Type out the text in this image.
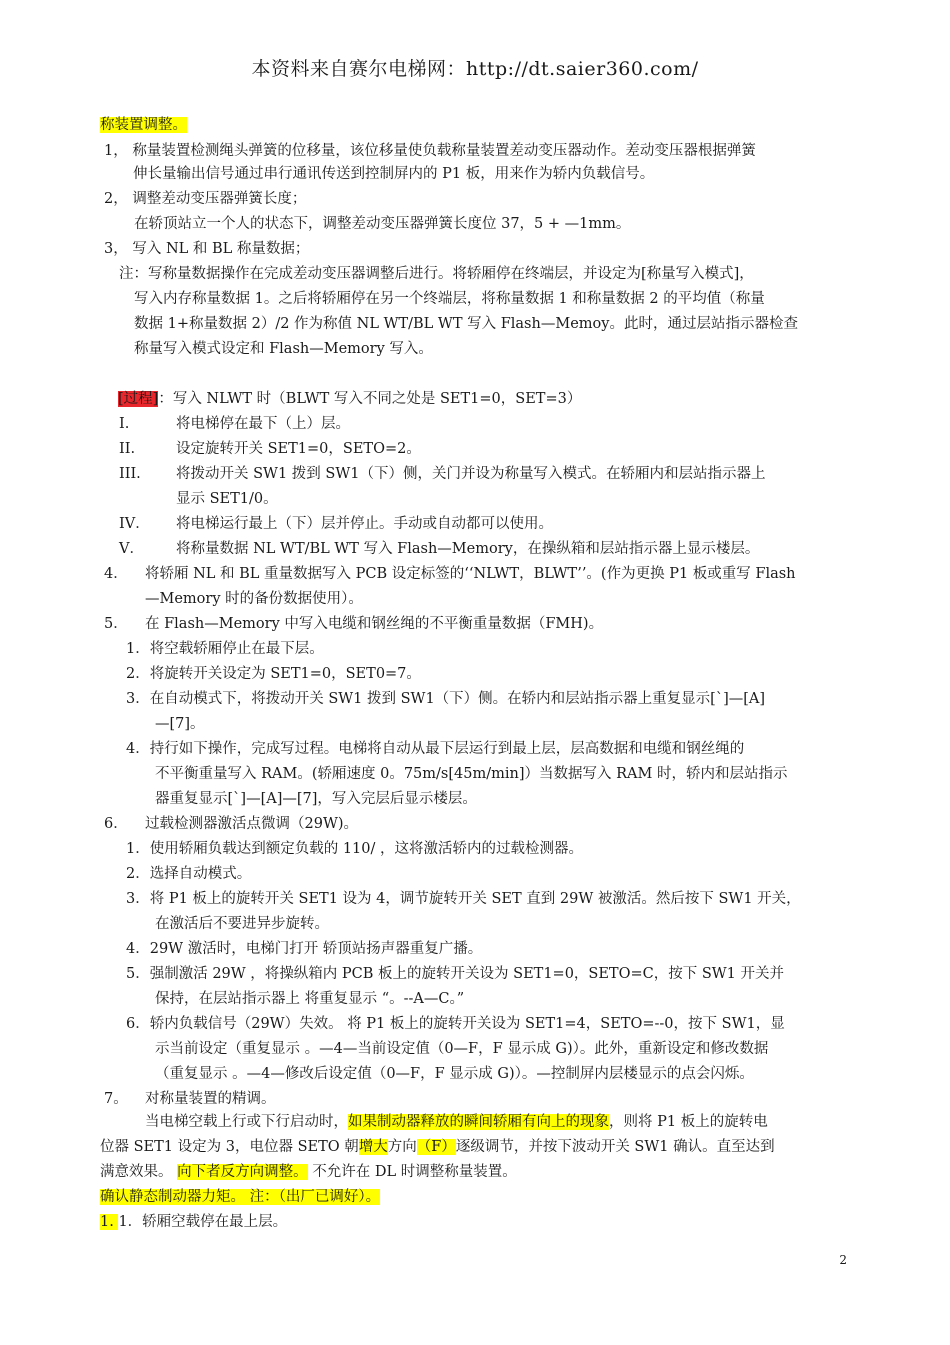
本资料来自赛尔电梯网：http://dt.saier360.com/
称装置调整。
1， 称量装置检测绳头弹簧的位移量，该位移量使负载称量装置差动变压器动作。差动变压器根据弹簧
伸长量输出信号通过串行通讯传送到控制屏内的 P1 板，用来作为轿内负载信号。
2， 调整差动变压器弹簧长度；
在轿顶站立一个人的状态下，调整差动变压器弹簧长度位 37，5 + —1mm。
3， 写入 NL 和 BL 称量数据；
注：写称量数据操作在完成差动变压器调整后进行。将轿厢停在终端层，并设定为[称量写入模式]，
写入内存称量数据 1。之后将轿厢停在另一个终端层，将称量数据 1 和称量数据 2 的平均值（称量
数据 1+称量数据 2）/2 作为称值 NL WT/BL WT 写入 Flash—Memoy。此时，通过层站指示器检查
称量写入模式设定和 Flash—Memory 写入。
[过程]：写入 NLWT 时（BLWT 写入不同之处是 SET1=0，SET=3）
I.	将电梯停在最下（上）层。
II.	设定旋转开关 SET1=0，SETO=2。
III. 将拨动开关 SW1 拨到 SW1（下）侧，关门并设为称量写入模式。在轿厢内和层站指示器上
显示 SET1/0。
IV． 将电梯运行最上（下）层并停止。手动或自动都可以使用。
V． 将称量数据 NL WT/BL WT 写入 Flash—Memory，在操纵箱和层站指示器上显示楼层。
4． 将轿厢 NL 和 BL 重量数据写入 PCB 设定标签的‘‘NLWT，BLWT’’。(作为更换 P1 板或重写 Flash
—Memory 时的备份数据使用）。
5． 在 Flash—Memory 中写入电缆和钢丝绳的不平衡重量数据（FMH)。
1．将空载轿厢停止在最下层。
2．将旋转开关设定为 SET1=0，SET0=7。
3．在自动模式下，将拨动开关 SW1 拨到 SW1（下）侧。在轿内和层站指示器上重复显示[`]—[A]
—[7]。
4．持行如下操作，完成写过程。电梯将自动从最下层运行到最上层，层高数据和电缆和钢丝绳的
不平衡重量写入 RAM。(轿厢速度 0。75m/s[45m/min]）当数据写入 RAM 时，轿内和层站指示
器重复显示[`]—[A]—[7]，写入完层后显示楼层。
6． 过载检测器激活点微调（29W)。
1．使用轿厢负载达到额定负载的 110/ ，这将激活轿内的过载检测器。
2．选择自动模式。
3．将 P1 板上的旋转开关 SET1 设为 4，调节旋转开关 SET 直到 29W 被激活。然后按下 SW1 开关，
在激活后不要进异步旋转。
4．29W 激活时，电梯门打开 轿顶站扬声器重复广播。
5．强制激活 29W ，将操纵箱内 PCB 板上的旋转开关设为 SET1=0，SETO=C，按下 SW1 开关并
保持，在层站指示器上 将重复显示 “。--A—C。”
6．轿内负载信号（29W）失效。 将 P1 板上的旋转开关设为 SET1=4，SETO=--0，按下 SW1，显
示当前设定（重复显示 。—4—当前设定值（0—F，F 显示成 G)）。此外，重新设定和修改数据
（重复显示 。—4—修改后设定值（0—F，F 显示成 G)）。—控制屏内层楼显示的点会闪烁。
7。 对称量装置的精调。
当电梯空载上行或下行启动时，如果制动器释放的瞬间轿厢有向上的现象，则将 P1 板上的旋转电
位器 SET1 设定为 3，电位器 SETO 朝增大方向（F）逐级调节，并按下波动开关 SW1 确认。直至达到
满意效果。 向下者反方向调整。 不允许在 DL 时调整称量装置。
确认静态制动器力矩。 注：（出厂已调好）。
1. 1．轿厢空载停在最上层。
2
